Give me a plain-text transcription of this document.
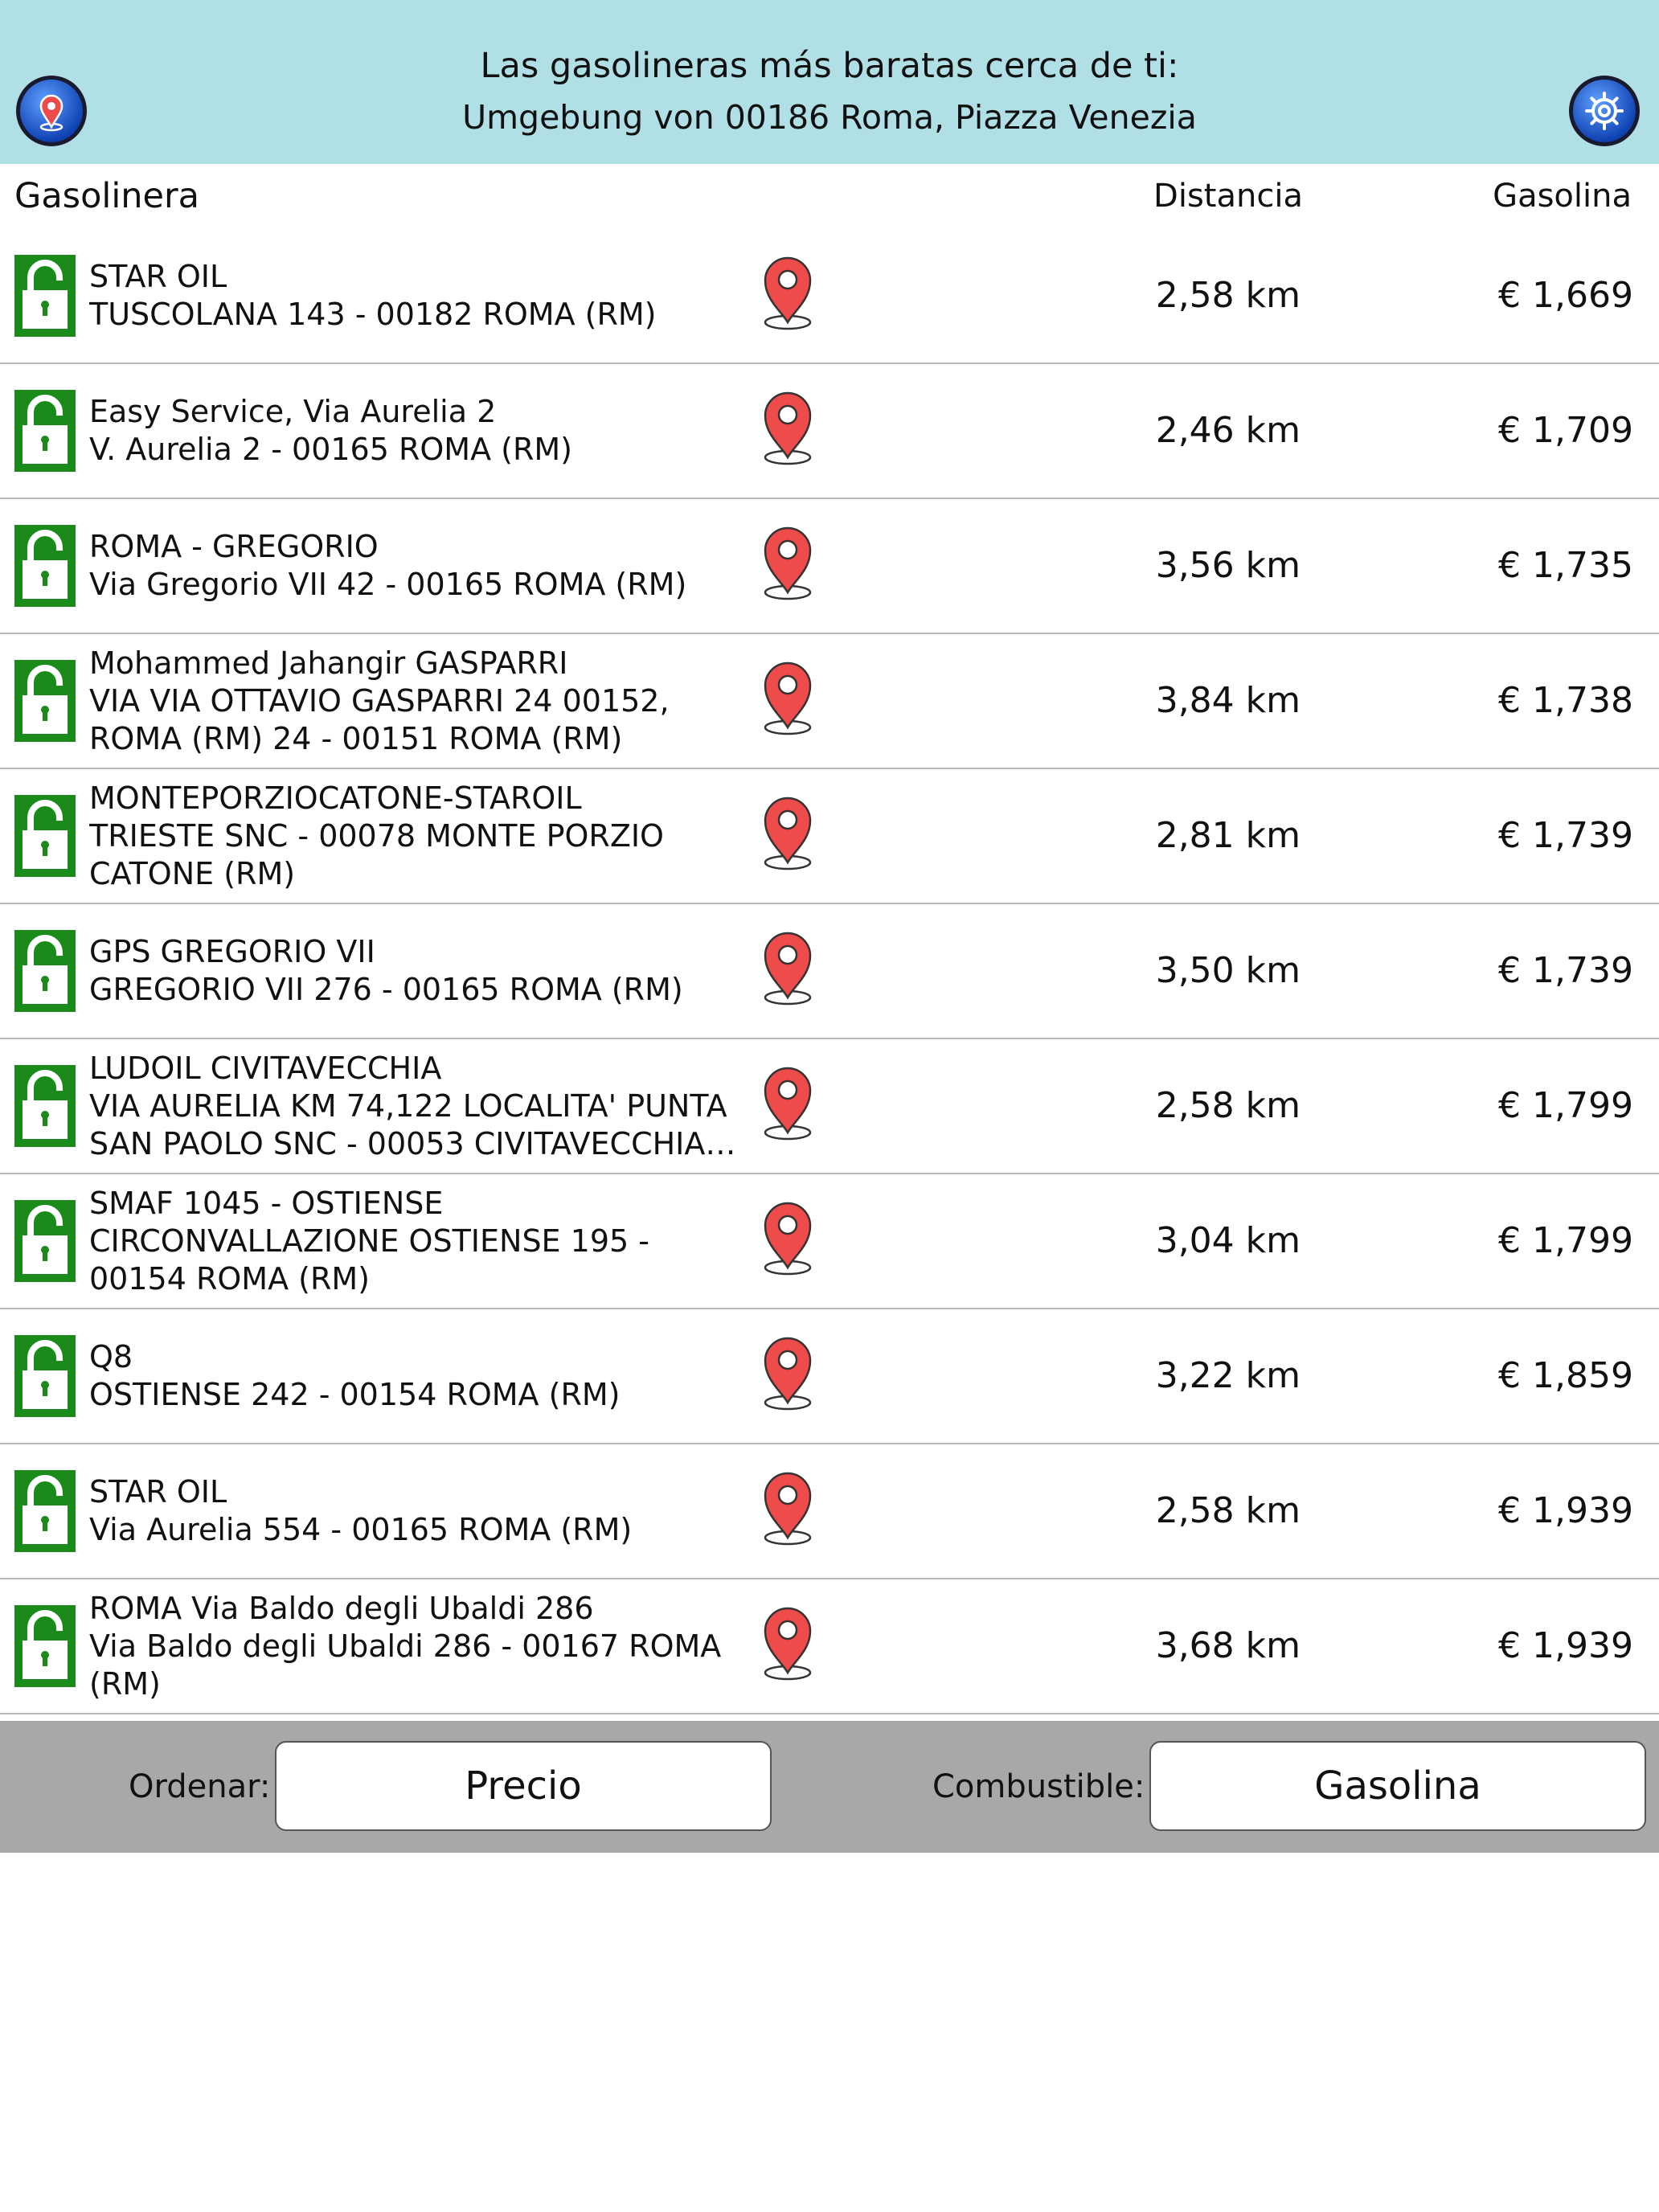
Las gasolineras más baratas cerca de ti:
Umgebung von 00186 Roma, Piazza Venezia
Gasolinera	Distancia	Gasolina
STAR OIL
TUSCOLANA 143 - 00182 ROMA (RM)	2,58 km	€ 1,669
Easy Service, Via Aurelia 2
V. Aurelia 2 - 00165 ROMA (RM)	2,46 km	€ 1,709
ROMA - GREGORIO
Via Gregorio VII 42 - 00165 ROMA (RM)	3,56 km	€ 1,735
Mohammed Jahangir GASPARRI
VIA VIA OTTAVIO GASPARRI 24 00152, ROMA (RM) 24 - 00151 ROMA (RM)
3,84 km	€ 1,738
MONTEPORZIOCATONE-STAROIL
TRIESTE SNC - 00078 MONTE PORZIO CATONE (RM)
2,81 km	€ 1,739
GPS GREGORIO VII
GREGORIO VII 276 - 00165 ROMA (RM)	3,50 km	€ 1,739
LUDOIL CIVITAVECCHIA
VIA AURELIA KM 74,122 LOCALITA' PUNTA SAN PAOLO SNC - 00053 CIVITAVECCHIA
2,58 km	€ 1,799
SMAF 1045 - OSTIENSE
CIRCONVALLAZIONE OSTIENSE 195 - 00154 ROMA (RM)
3,04 km	€ 1,799
Q8
OSTIENSE 242 - 00154 ROMA (RM)	3,22 km	€ 1,859
STAR OIL
Via Aurelia 554 - 00165 ROMA (RM)	2,58 km	€ 1,939
ROMA Via Baldo degli Ubaldi 286
Via Baldo degli Ubaldi 286 - 00167 ROMA (RM)
3,68 km	€ 1,939
Ordenar:	Precio	Combustible:	Gasolina
